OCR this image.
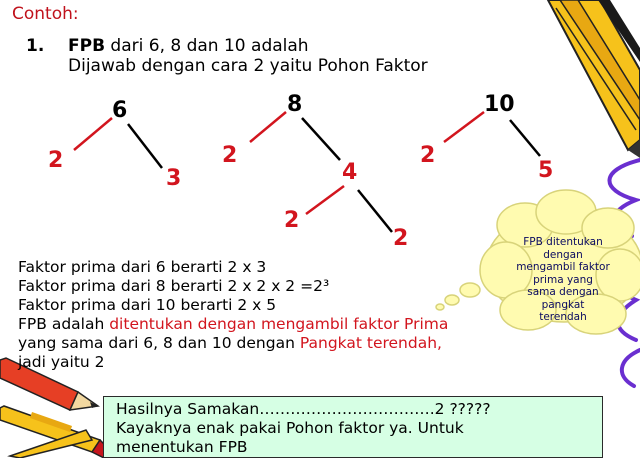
Contoh:
1. FPB dari 6, 8 dan 10 adalah
Dijawab dengan cara 2 yaitu Pohon Faktor
6
2
3
8
2
4
2
2
10
2
5
Faktor prima dari 6 berarti 2 x 3
Faktor prima dari 8 berarti 2 x 2 x 2 =2³
Faktor prima dari 10 berarti 2 x 5
FPB adalah ditentukan dengan mengambil faktor Prima
yang sama dari 6, 8 dan 10 dengan Pangkat terendah,
jadi yaitu 2
FPB ditentukan
dengan
mengambil faktor
prima yang
sama dengan
pangkat
terendah
Hasilnya Samakan…………………………….2 ?????
Kayaknya enak pakai Pohon faktor ya. Untuk
menentukan FPB
